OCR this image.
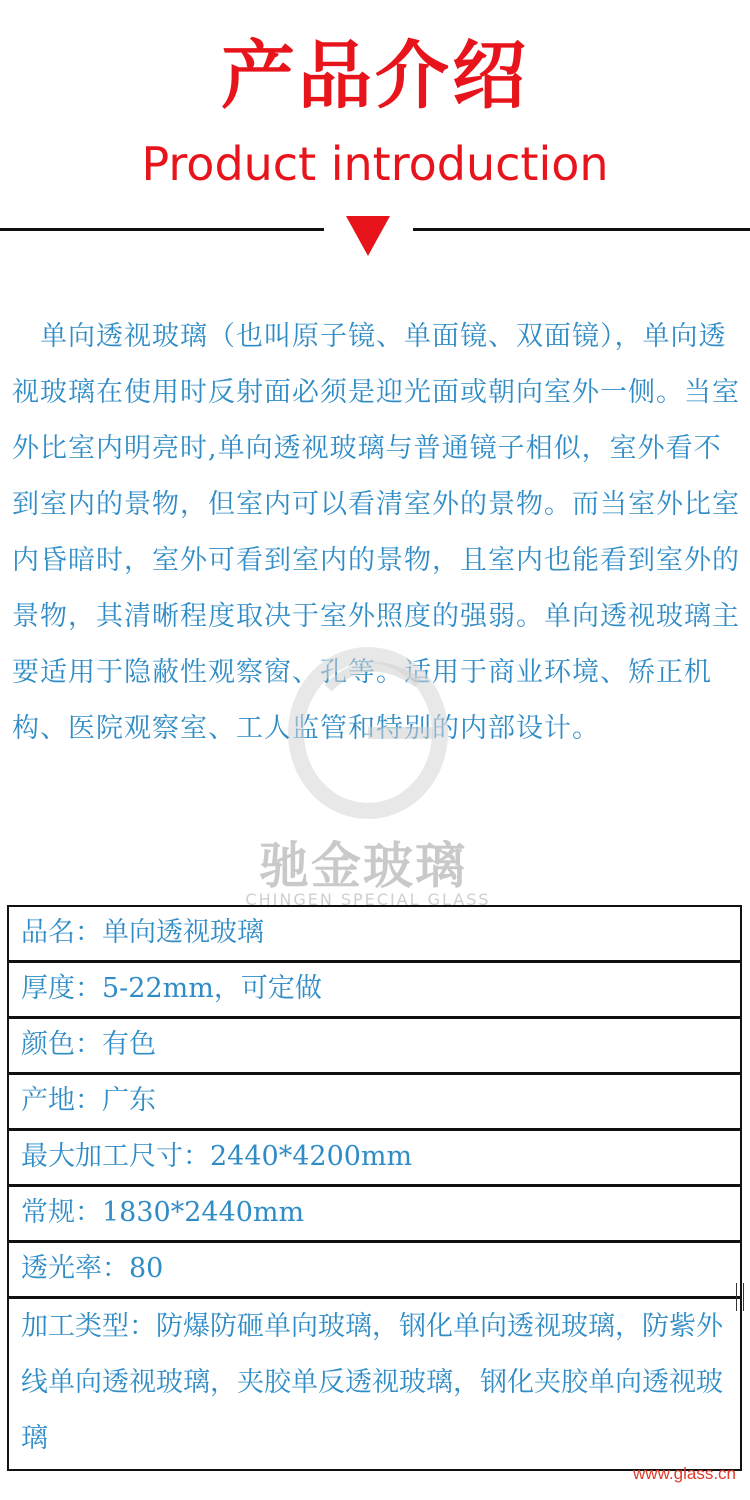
产品介绍
Product introduction

　单向透视玻璃（也叫原子镜、单面镜、双面镜），单向透视玻璃在使用时反射面必须是迎光面或朝向室外一侧。当室外比室内明亮时,单向透视玻璃与普通镜子相似，室外看不到室内的景物，但室内可以看清室外的景物。而当室外比室内昏暗时，室外可看到室内的景物，且室内也能看到室外的景物，其清晰程度取决于室外照度的强弱。单向透视玻璃主要适用于隐蔽性观察窗、孔等。适用于商业环境、矫正机构、医院观察室、工人监管和特别的内部设计。

驰金玻璃
CHINGEN SPECIAL GLASS
品名：单向透视玻璃
厚度：5-22mm，可定做
颜色：有色
产地：广东
最大加工尺寸：2440*4200mm
常规：1830*2440mm
透光率：80
加工类型：防爆防砸单向玻璃，钢化单向透视玻璃，防紫外线单向透视玻璃，夹胶单反透视玻璃，钢化夹胶单向透视玻璃
www.glass.cn
